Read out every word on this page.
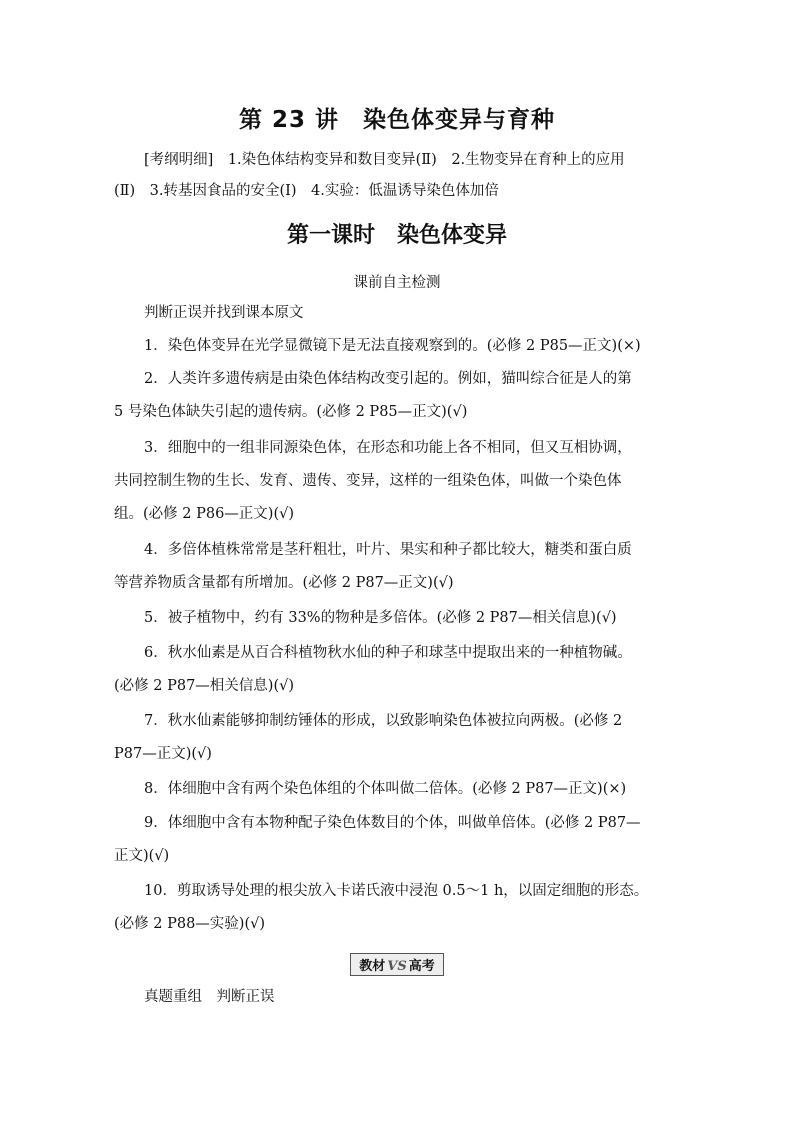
第 23 讲　染色体变异与育种
[考纲明细]　1.染色体结构变异和数目变异(Ⅱ)　2.生物变异在育种上的应用
(Ⅱ)　3.转基因食品的安全(Ⅰ)　4.实验：低温诱导染色体加倍
第一课时　染色体变异
课前自主检测
判断正误并找到课本原文
1．染色体变异在光学显微镜下是无法直接观察到的。(必修 2 P85—正文)(×)
2．人类许多遗传病是由染色体结构改变引起的。例如，猫叫综合征是人的第
5 号染色体缺失引起的遗传病。(必修 2 P85—正文)(√)
3．细胞中的一组非同源染色体，在形态和功能上各不相同，但又互相协调，
共同控制生物的生长、发育、遗传、变异，这样的一组染色体，叫做一个染色体
组。(必修 2 P86—正文)(√)
4．多倍体植株常常是茎秆粗壮，叶片、果实和种子都比较大，糖类和蛋白质
等营养物质含量都有所增加。(必修 2 P87—正文)(√)
5．被子植物中，约有 33%的物种是多倍体。(必修 2 P87—相关信息)(√)
6．秋水仙素是从百合科植物秋水仙的种子和球茎中提取出来的一种植物碱。
(必修 2 P87—相关信息)(√)
7．秋水仙素能够抑制纺锤体的形成，以致影响染色体被拉向两极。(必修 2
P87—正文)(√)
8．体细胞中含有两个染色体组的个体叫做二倍体。(必修 2 P87—正文)(×)
9．体细胞中含有本物种配子染色体数目的个体，叫做单倍体。(必修 2 P87—
正文)(√)
10．剪取诱导处理的根尖放入卡诺氏液中浸泡 0.5～1 h，以固定细胞的形态。
(必修 2 P88—实验)(√)
教材 VS 高考
真题重组　判断正误
